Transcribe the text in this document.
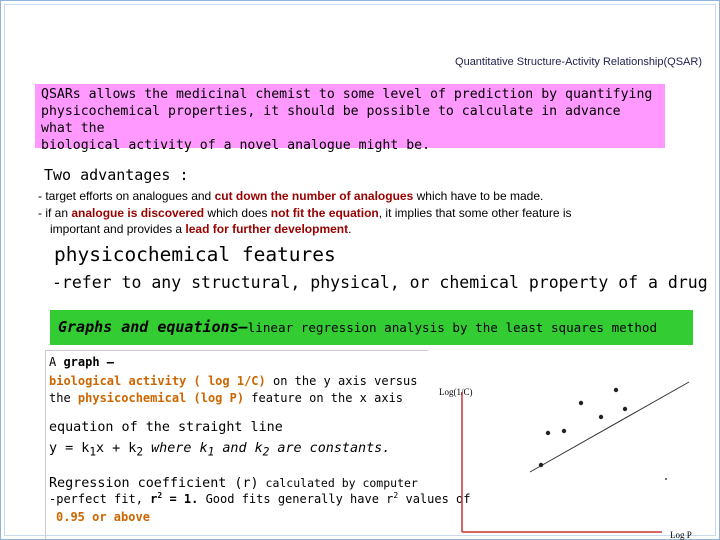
Quantitative Structure-Activity Relationship(QSAR)
QSARs allows the medicinal chemist to some level of prediction by quantifying
physicochemical properties, it should be possible to calculate in advance what the
biological activity of a novel analogue might be.
Two advantages :
- target efforts on analogues and cut down the number of analogues which have to be made.
- if an analogue is discovered which does not fit the equation, it implies that some other feature is
important and provides a lead for further development.
physicochemical features
-refer to any structural, physical, or chemical property of a drug
Graphs and equations–linear regression analysis by the least squares method
A graph –
biological activity ( log 1/C) on the y axis versus
the physicochemical (log P) feature on the x axis
equation of the straight line
$y = k_1x + k_2$ where $k_1$ and $k_2$ are constants.
Regression coefficient (r) calculated by computer
-perfect fit, $r^2 = 1$. Good fits generally have $r^2$ values of
0.95 or above
Log(1/C)
Log P
